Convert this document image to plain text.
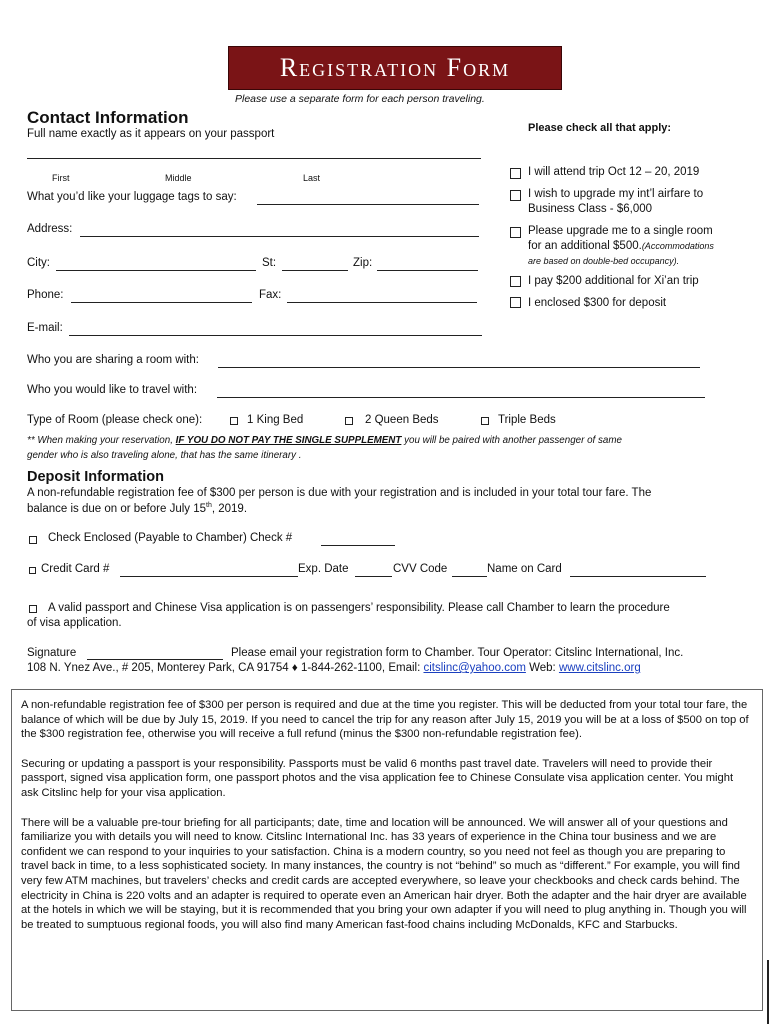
Registration Form
Please use a separate form for each person traveling.
Contact Information
Full name exactly as it appears on your passport
First	Middle	Last
What you’d like your luggage tags to say:
Address:
City:	St:	Zip:
Phone:	Fax:
E-mail:
Who you are sharing a room with:
Who you would like to travel with:
Please check all that apply:
I will attend trip Oct 12 – 20, 2019
I wish to upgrade my int’l airfare to
Business Class - $6,000
Please upgrade me to a single room
for an additional $500.(Accommodations
are based on double-bed occupancy).
I pay $200 additional for Xi’an trip
I enclosed $300 for deposit
Type of Room (please check one):	1 King Bed	2 Queen Beds	Triple Beds
** When making your reservation, IF YOU DO NOT PAY THE SINGLE SUPPLEMENT you will be paired with another passenger of same
gender who is also traveling alone, that has the same itinerary .
Deposit Information
A non-refundable registration fee of $300 per person is due with your registration and is included in your total tour fare. The
balance is due on or before July 15th, 2019.
Check Enclosed (Payable to Chamber) Check #
Credit Card #	Exp. Date	CVV Code	Name on Card
A valid passport and Chinese Visa application is on passengers’ responsibility. Please call Chamber to learn the procedure
of visa application.
Signature	Please email your registration form to Chamber. Tour Operator: Citslinc International, Inc.
108 N. Ynez Ave., # 205, Monterey Park, CA 91754 ♦ 1-844-262-1100, Email: citslinc@yahoo.com Web: www.citslinc.org

A non-refundable registration fee of $300 per person is required and due at the time you register. This will be deducted from your total tour fare, the balance of which will be due by July 15, 2019. If you need to cancel the trip for any reason after July 15, 2019 you will be at a loss of $500 on top of the $300 registration fee, otherwise you will receive a full refund (minus the $300 non-refundable registration fee).

Securing or updating a passport is your responsibility. Passports must be valid 6 months past travel date. Travelers will need to provide their passport, signed visa application form, one passport photos and the visa application fee to Chinese Consulate visa application center. You might ask Citslinc help for your visa application.

There will be a valuable pre-tour briefing for all participants; date, time and location will be announced. We will answer all of your questions and familiarize you with details you will need to know. Citslinc International Inc. has 33 years of experience in the China tour business and we are confident we can respond to your inquiries to your satisfaction. China is a modern country, so you need not feel as though you are preparing to travel back in time, to a less sophisticated society. In many instances, the country is not “behind” so much as “different.” For example, you will find very few ATM machines, but travelers’ checks and credit cards are accepted everywhere, so leave your checkbooks and check cards behind. The electricity in China is 220 volts and an adapter is required to operate even an American hair dryer. Both the adapter and the hair dryer are available at the hotels in which we will be staying, but it is recommended that you bring your own adapter if you will need to plug anything in. Though you will be treated to sumptuous regional foods, you will also find many American fast-food chains including McDonalds, KFC and Starbucks.
